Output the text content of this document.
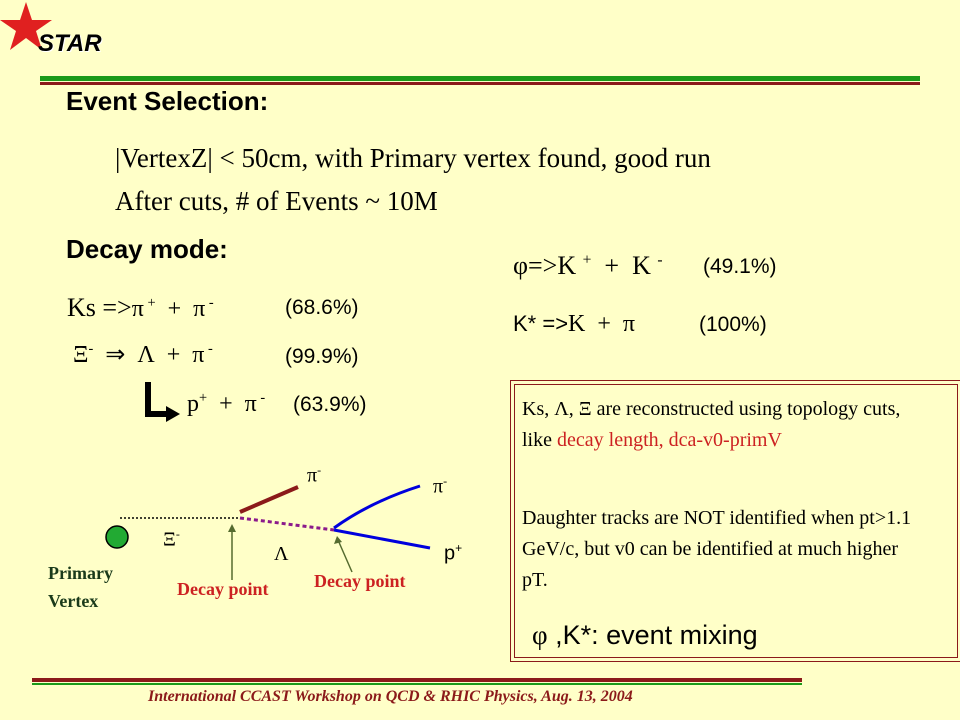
STAR
Event Selection:
|VertexZ| < 50cm, with Primary vertex found, good run
After cuts, # of Events ~ 10M
Decay mode:
Ks =>π +  +  π -	(68.6%)
Ξ-  ⇒  Λ  +  π -	(99.9%)
p+  +  π - (63.9%)
φ=>K +  +  K - (49.1%)
K* =>K  +  π	(100%)
Ks, Λ, Ξ are reconstructed using topology cuts, like decay length, dca-v0-primV
Daughter tracks are NOT identified when pt>1.1 GeV/c, but v0 can be identified at much higher pT.
φ ,K*: event mixing
π-
π-
Ξ-
Λ	p+
Primary
Vertex
Decay point	Decay point
International CCAST Workshop on QCD & RHIC Physics, Aug. 13, 2004
